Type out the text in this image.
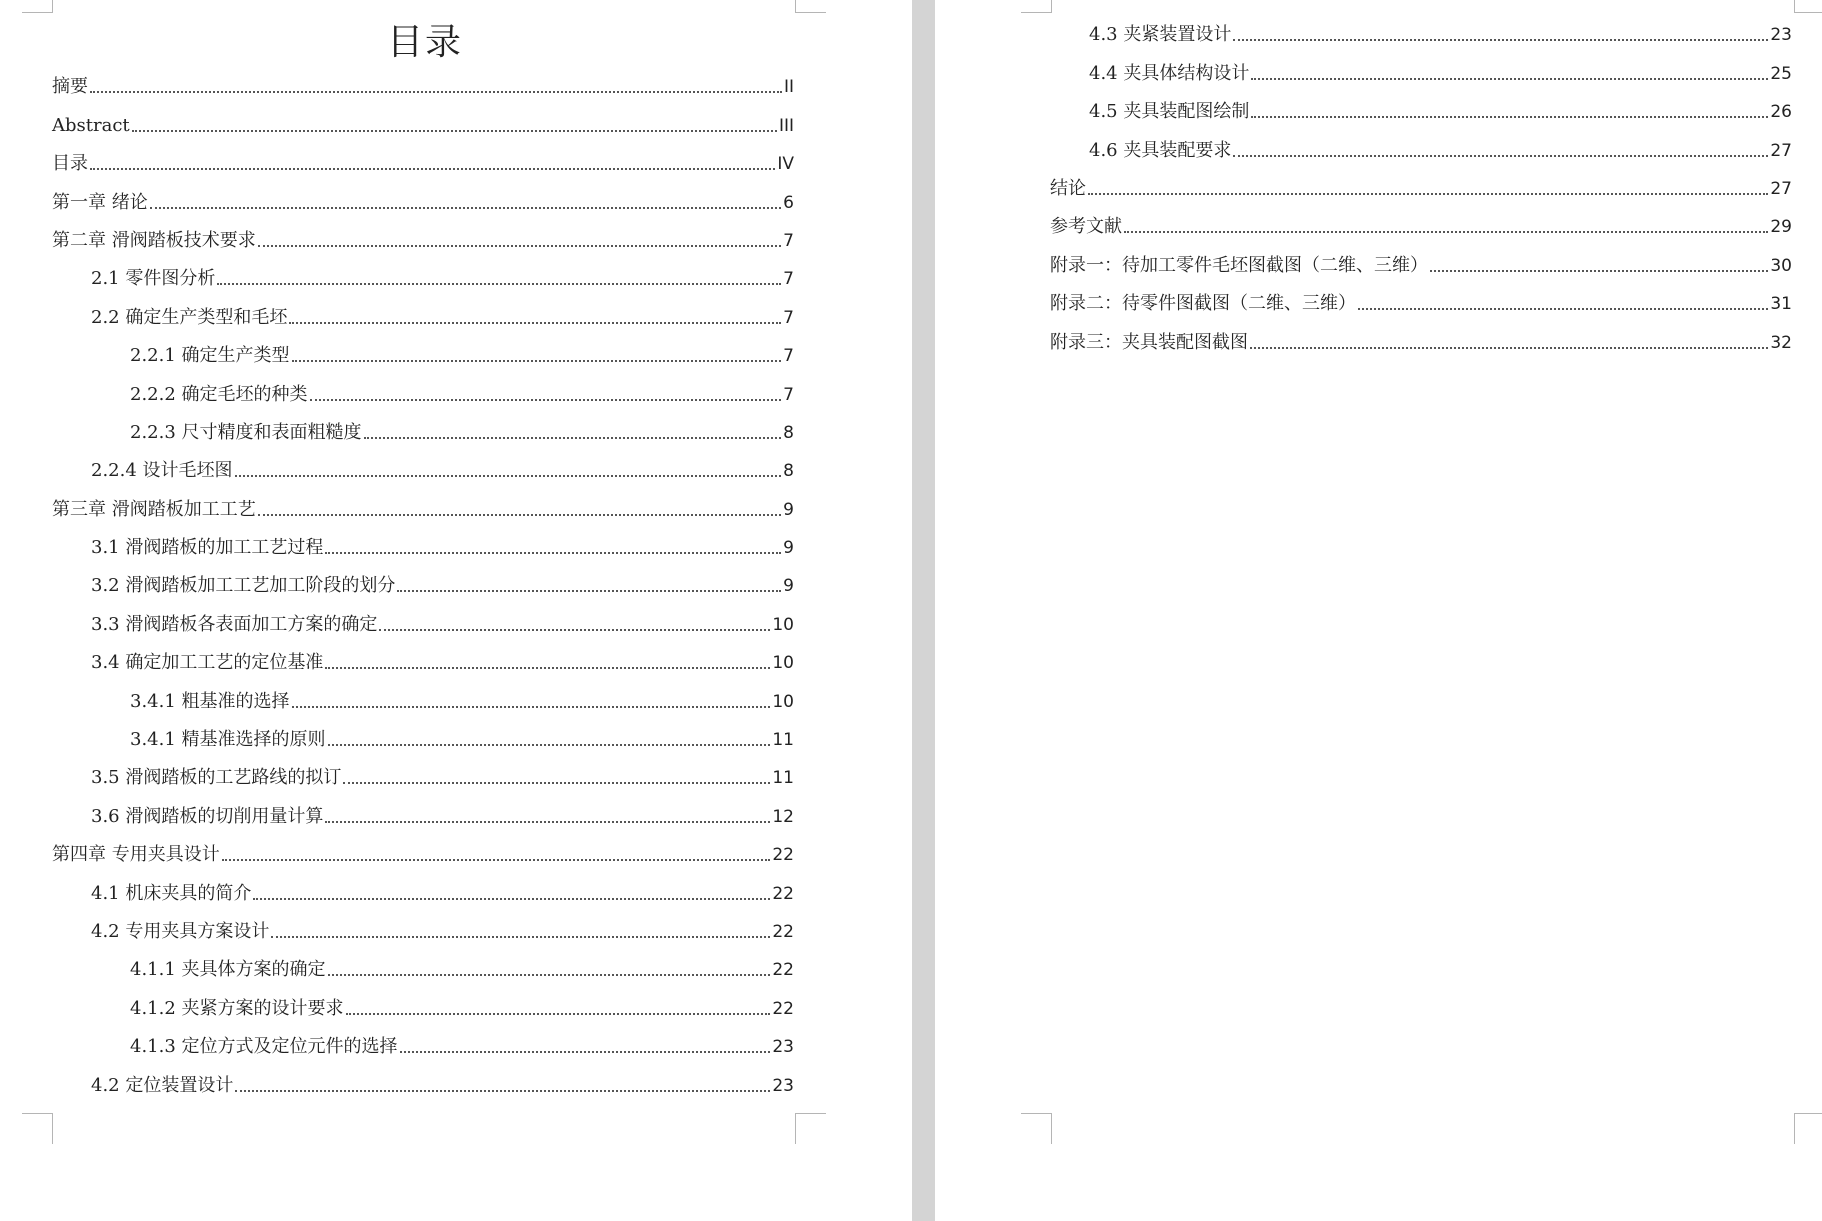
目录
摘要	II
Abstract	III
目录	IV
第一章 绪论	6
第二章 滑阀踏板技术要求	7
2.1 零件图分析	7
2.2 确定生产类型和毛坯	7
2.2.1 确定生产类型	7
2.2.2 确定毛坯的种类	7
2.2.3 尺寸精度和表面粗糙度	8
2.2.4 设计毛坯图	8
第三章 滑阀踏板加工工艺	9
3.1 滑阀踏板的加工工艺过程	9
3.2 滑阀踏板加工工艺加工阶段的划分	9
3.3 滑阀踏板各表面加工方案的确定	10
3.4 确定加工工艺的定位基准	10
3.4.1 粗基准的选择	10
3.4.1 精基准选择的原则	11
3.5 滑阀踏板的工艺路线的拟订	11
3.6 滑阀踏板的切削用量计算	12
第四章 专用夹具设计	22
4.1 机床夹具的简介	22
4.2 专用夹具方案设计	22
4.1.1 夹具体方案的确定	22
4.1.2 夹紧方案的设计要求	22
4.1.3 定位方式及定位元件的选择	23
4.2 定位装置设计	23
4.3 夹紧装置设计	23
4.4 夹具体结构设计	25
4.5 夹具装配图绘制	26
4.6 夹具装配要求	27
结论	27
参考文献	29
附录一：待加工零件毛坯图截图（二维、三维）	30
附录二：待零件图截图（二维、三维）	31
附录三：夹具装配图截图	32
